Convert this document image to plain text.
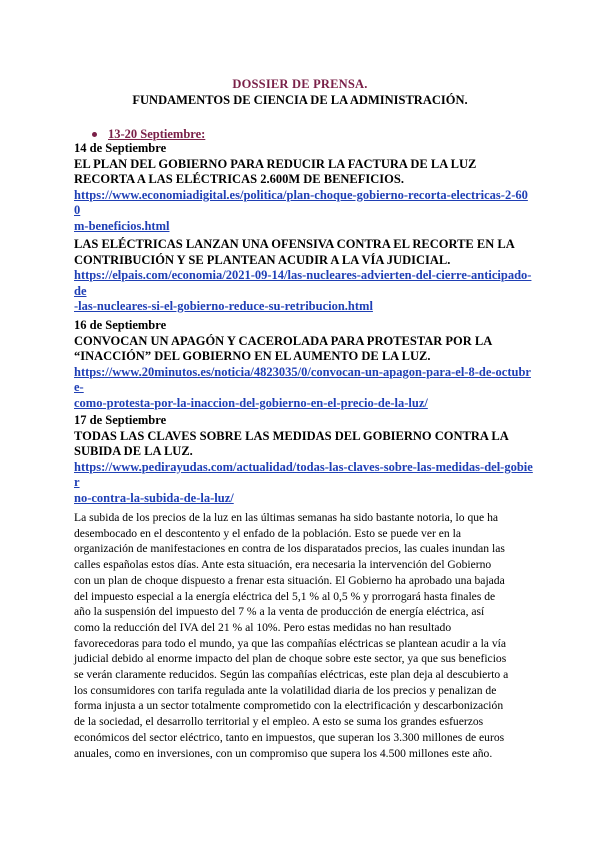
DOSSIER DE PRENSA.
FUNDAMENTOS DE CIENCIA DE LA ADMINISTRACIÓN.
13-20 Septiembre:
14 de Septiembre
EL PLAN DEL GOBIERNO PARA REDUCIR LA FACTURA DE LA LUZ
RECORTA A LAS ELÉCTRICAS 2.600M DE BENEFICIOS.
https://www.economiadigital.es/politica/plan-choque-gobierno-recorta-electricas-2-600
m-beneficios.html
LAS ELÉCTRICAS LANZAN UNA OFENSIVA CONTRA EL RECORTE EN LA
CONTRIBUCIÓN Y SE PLANTEAN ACUDIR A LA VÍA JUDICIAL.
https://elpais.com/economia/2021-09-14/las-nucleares-advierten-del-cierre-anticipado-de
-las-nucleares-si-el-gobierno-reduce-su-retribucion.html
16 de Septiembre
CONVOCAN UN APAGÓN Y CACEROLADA PARA PROTESTAR POR LA
“INACCIÓN” DEL GOBIERNO EN EL AUMENTO DE LA LUZ.
https://www.20minutos.es/noticia/4823035/0/convocan-un-apagon-para-el-8-de-octubre-
como-protesta-por-la-inaccion-del-gobierno-en-el-precio-de-la-luz/
17 de Septiembre
TODAS LAS CLAVES SOBRE LAS MEDIDAS DEL GOBIERNO CONTRA LA
SUBIDA DE LA LUZ.
https://www.pedirayudas.com/actualidad/todas-las-claves-sobre-las-medidas-del-gobier
no-contra-la-subida-de-la-luz/
La subida de los precios de la luz en las últimas semanas ha sido bastante notoria, lo que ha
desembocado en el descontento y el enfado de la población. Esto se puede ver en la
organización de manifestaciones en contra de los disparatados precios, las cuales inundan las
calles españolas estos días. Ante esta situación, era necesaria la intervención del Gobierno
con un plan de choque dispuesto a frenar esta situación. El Gobierno ha aprobado una bajada
del impuesto especial a la energía eléctrica del 5,1 % al 0,5 % y prorrogará hasta finales de
año la suspensión del impuesto del 7 % a la venta de producción de energía eléctrica, así
como la reducción del IVA del 21 % al 10%. Pero estas medidas no han resultado
favorecedoras para todo el mundo, ya que las compañías eléctricas se plantean acudir a la vía
judicial debido al enorme impacto del plan de choque sobre este sector, ya que sus beneficios
se verán claramente reducidos. Según las compañías eléctricas, este plan deja al descubierto a
los consumidores con tarifa regulada ante la volatilidad diaria de los precios y penalizan de
forma injusta a un sector totalmente comprometido con la electrificación y descarbonización
de la sociedad, el desarrollo territorial y el empleo. A esto se suma los grandes esfuerzos
económicos del sector eléctrico, tanto en impuestos, que superan los 3.300 millones de euros
anuales, como en inversiones, con un compromiso que supera los 4.500 millones este año.
